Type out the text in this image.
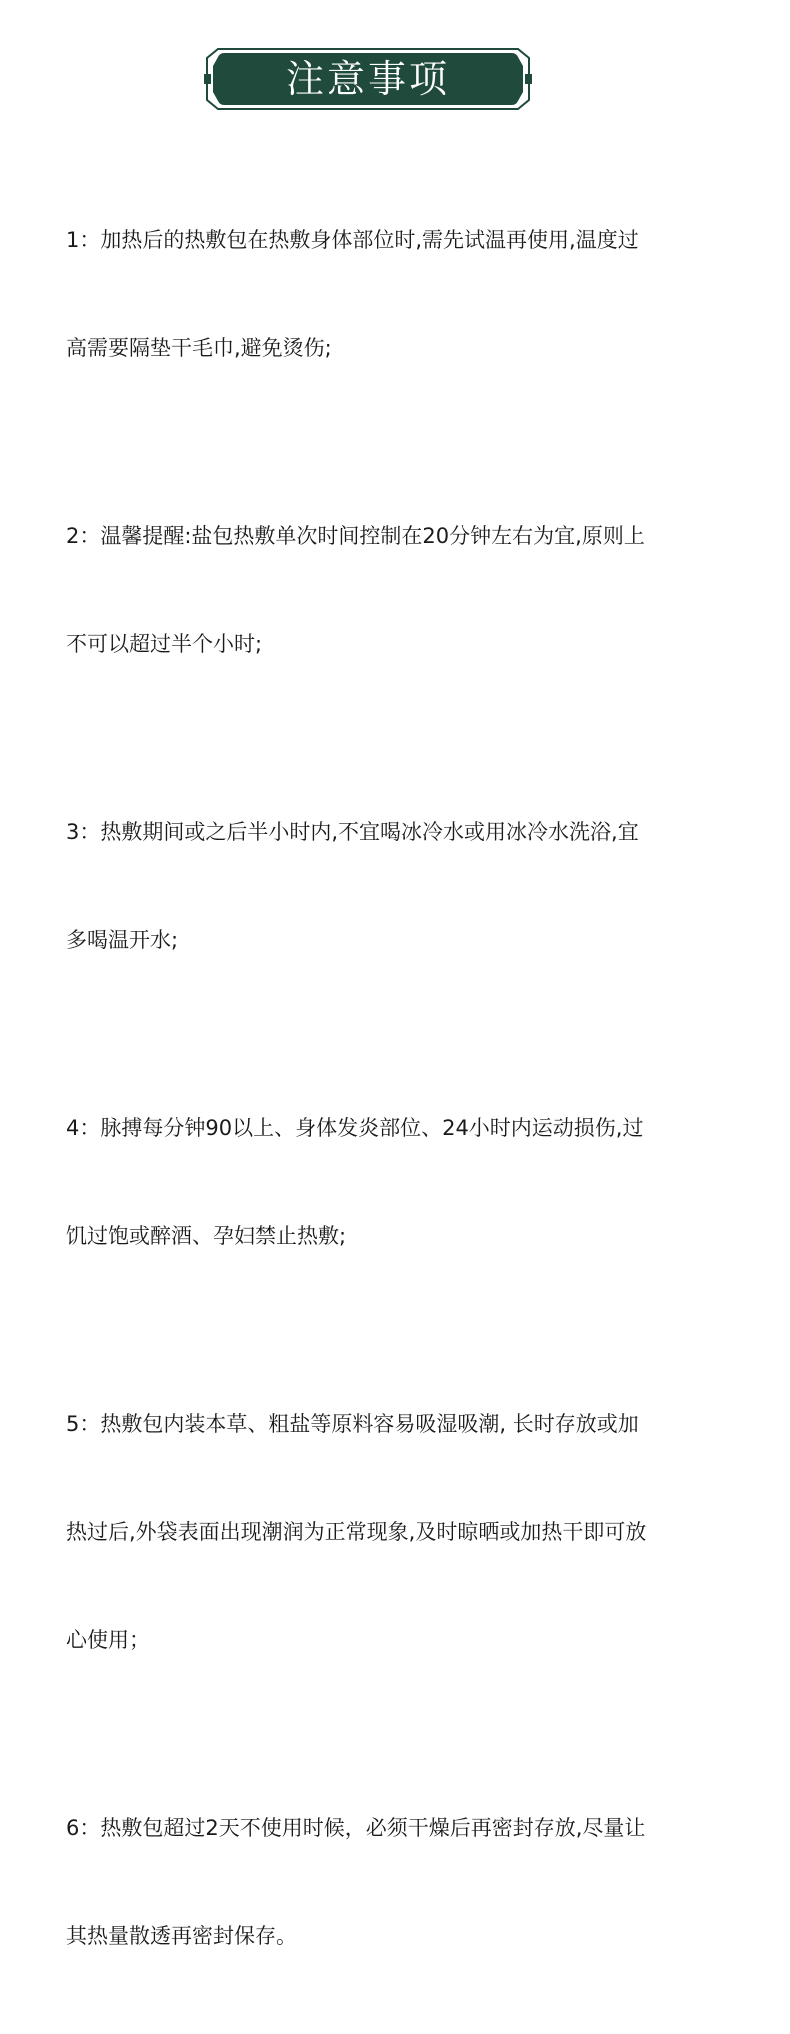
注意事项

1：加热后的热敷包在热敷身体部位时,需先试温再使用,温度过

高需要隔垫干毛巾,避免烫伤;

2：温馨提醒:盐包热敷单次时间控制在20分钟左右为宜,原则上

不可以超过半个小时;

3：热敷期间或之后半小时内,不宜喝冰冷水或用冰冷水洗浴,宜

多喝温开水;

4：脉搏每分钟90以上、身体发炎部位、24小时内运动损伤,过

饥过饱或醉酒、孕妇禁止热敷;

5：热敷包内装本草、粗盐等原料容易吸湿吸潮, 长时存放或加

热过后,外袋表面出现潮润为正常现象,及时晾晒或加热干即可放

心使用；

6：热敷包超过2天不使用时候，必须干燥后再密封存放,尽量让

其热量散透再密封保存。
